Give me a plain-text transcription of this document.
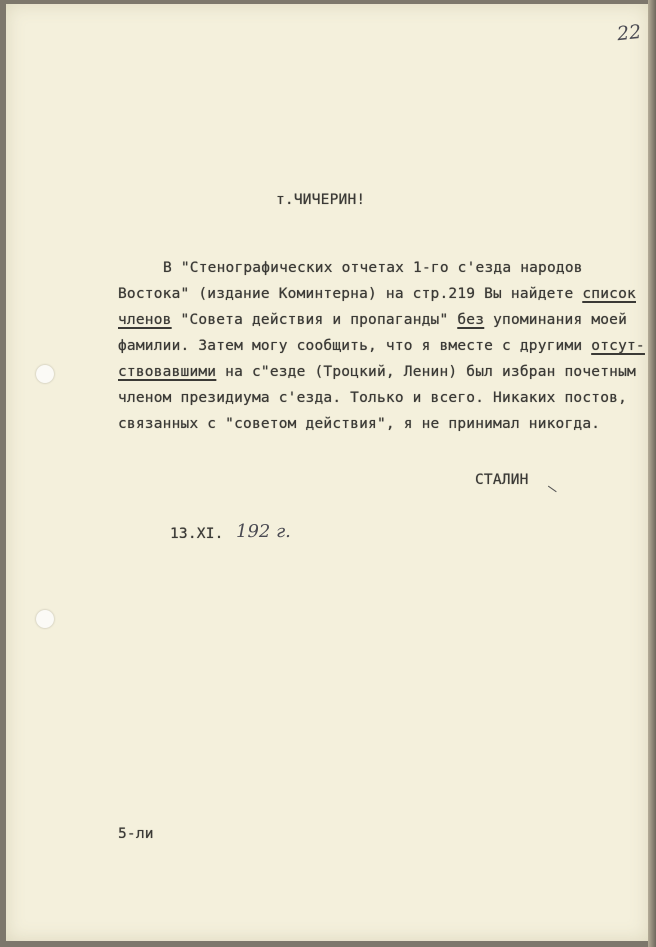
22
т.ЧИЧЕРИН!
В "Стенографических отчетах 1-го с'езда народов
Востока" (издание Коминтерна) на стр.219 Вы найдете список
членов "Совета действия и пропаганды" без упоминания моей
фамилии. Затем могу сообщить, что я вместе с другими отсут-
ствовавшими на с"езде (Троцкий, Ленин) был избран почетным
членом президиума с'езда. Только и всего. Никаких постов,
связанных с "советом действия", я не принимал никогда.
СТАЛИН
13.XI. 192 г.
5-ли
